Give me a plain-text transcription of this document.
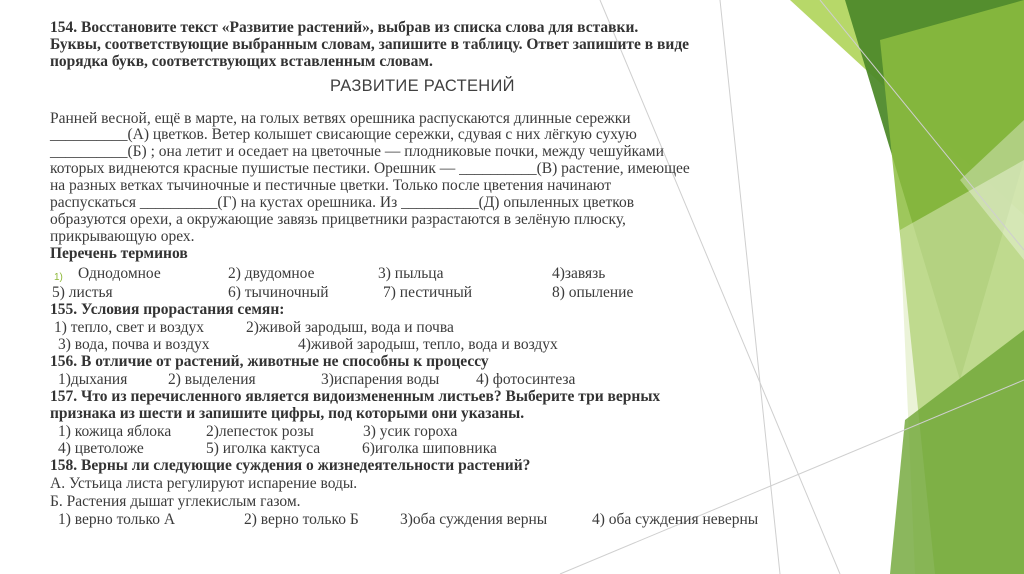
154. Восстановите текст «Развитие растений», выбрав из списка слова для вставки.
Буквы, соответствующие выбранным словам, запишите в таблицу. Ответ запишите в виде
порядка букв, соответствующих вставленным словам.
РАЗВИТИЕ РАСТЕНИЙ
Ранней весной, ещё в марте, на голых ветвях орешника распускаются длинные сережки
__________(А) цветков. Ветер колышет свисающие сережки, сдувая с них лёгкую сухую
__________(Б) ; она летит и оседает на цветочные — плодниковые почки, между чешуйками
которых виднеются красные пушистые пестики. Орешник — __________(В) растение, имеющее
на разных ветках тычиночные и пестичные цветки. Только после цветения начинают
распускаться __________(Г) на кустах орешника. Из __________(Д) опыленных цветков
образуются орехи, а окружающие завязь прицветники разрастаются в зелёную плюску,
прикрывающую орех.
Перечень терминов
1) Однодомное	2) двудомное	3) пыльца	4)завязь
5) листья	6) тычиночный	7) пестичный	8) опыление
155. Условия прорастания семян:
1) тепло, свет и воздух	2)живой зародыш, вода и почва
3) вода, почва и воздух	4)живой зародыш, тепло, вода и воздух
156. В отличие от растений, животные не способны к процессу
1)дыхания	2) выделения	3)испарения воды 4) фотосинтеза
157. Что из перечисленного является видоизмененным листьев? Выберите три верных
признака из шести и запишите цифры, под которыми они указаны.
1) кожица яблока 2)лепесток розы	3) усик гороха
4) цветоложе	5) иголка кактуса	6)иголка шиповника
158. Верны ли следующие суждения о жизнедеятельности растений?
А. Устьица листа регулируют испарение воды.
Б. Растения дышат углекислым газом.
1) верно только А	2) верно только Б	3)оба суждения верны	4) оба суждения неверны
